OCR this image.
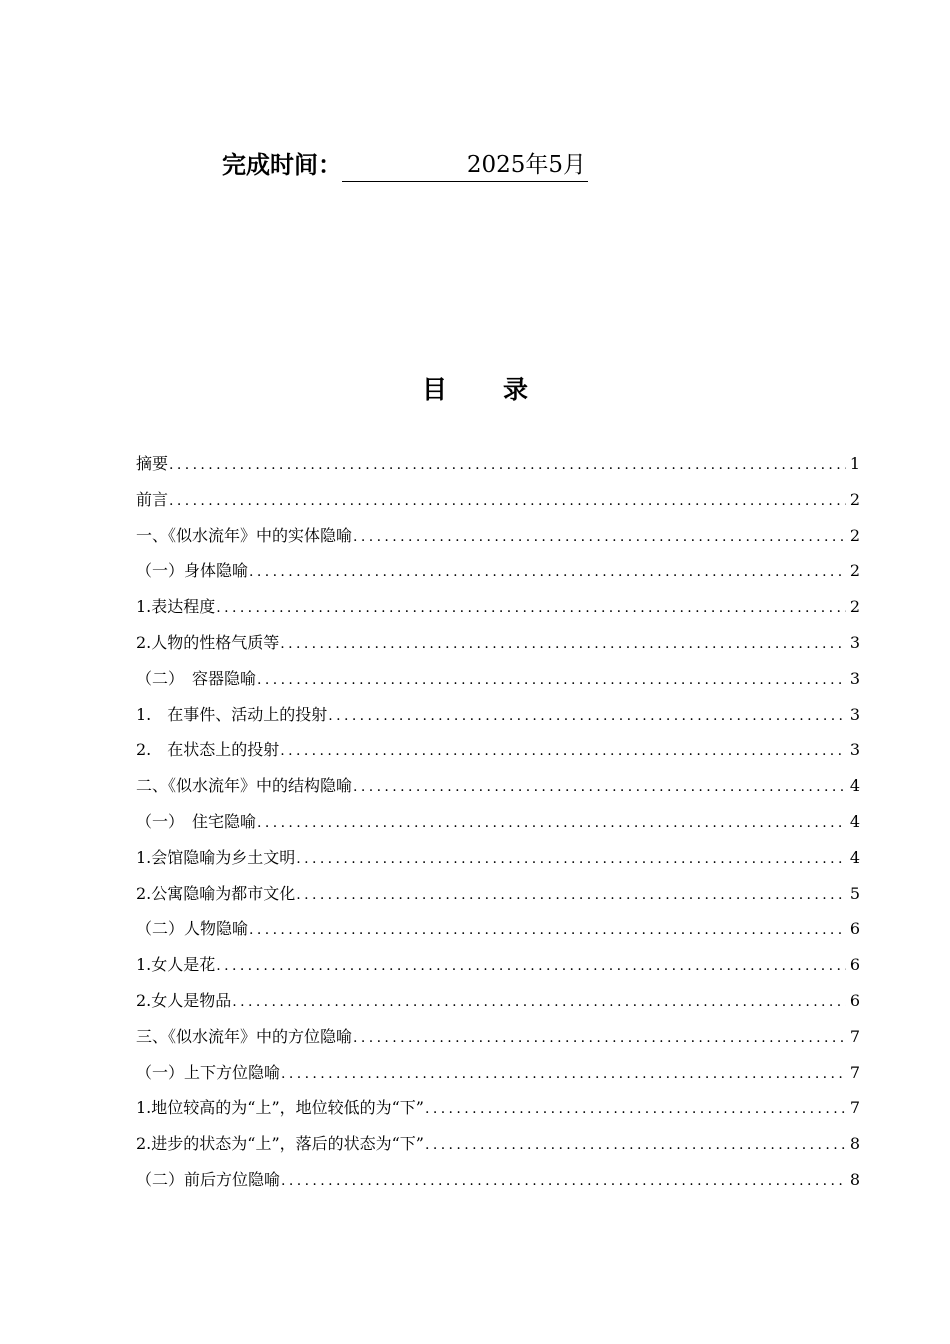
完成时间：	2025年5月
目录
摘要 .....	1
前言 .....	2
一、《似水流年》中的实体隐喻 .....	2
（一）身体隐喻 .....	2
1.表达程度 .....	2
2.人物的性格气质等 .....	3
（二）　容器隐喻 .....	3
1.　在事件、活动上的投射 .....	3
2.　在状态上的投射 .....	3
二、《似水流年》中的结构隐喻 .....	4
（一）　住宅隐喻 .....	4
1.会馆隐喻为乡土文明 .....	4
2.公寓隐喻为都市文化 .....	5
（二）人物隐喻 .....	6
1.女人是花 .....	6
2.女人是物品 .....	6
三、《似水流年》中的方位隐喻 .....	7
（一）上下方位隐喻 .....	7
1.地位较高的为“上”，地位较低的为“下” .....	7
2.进步的状态为“上”，落后的状态为“下” .....	8
（二）前后方位隐喻 .....	8
